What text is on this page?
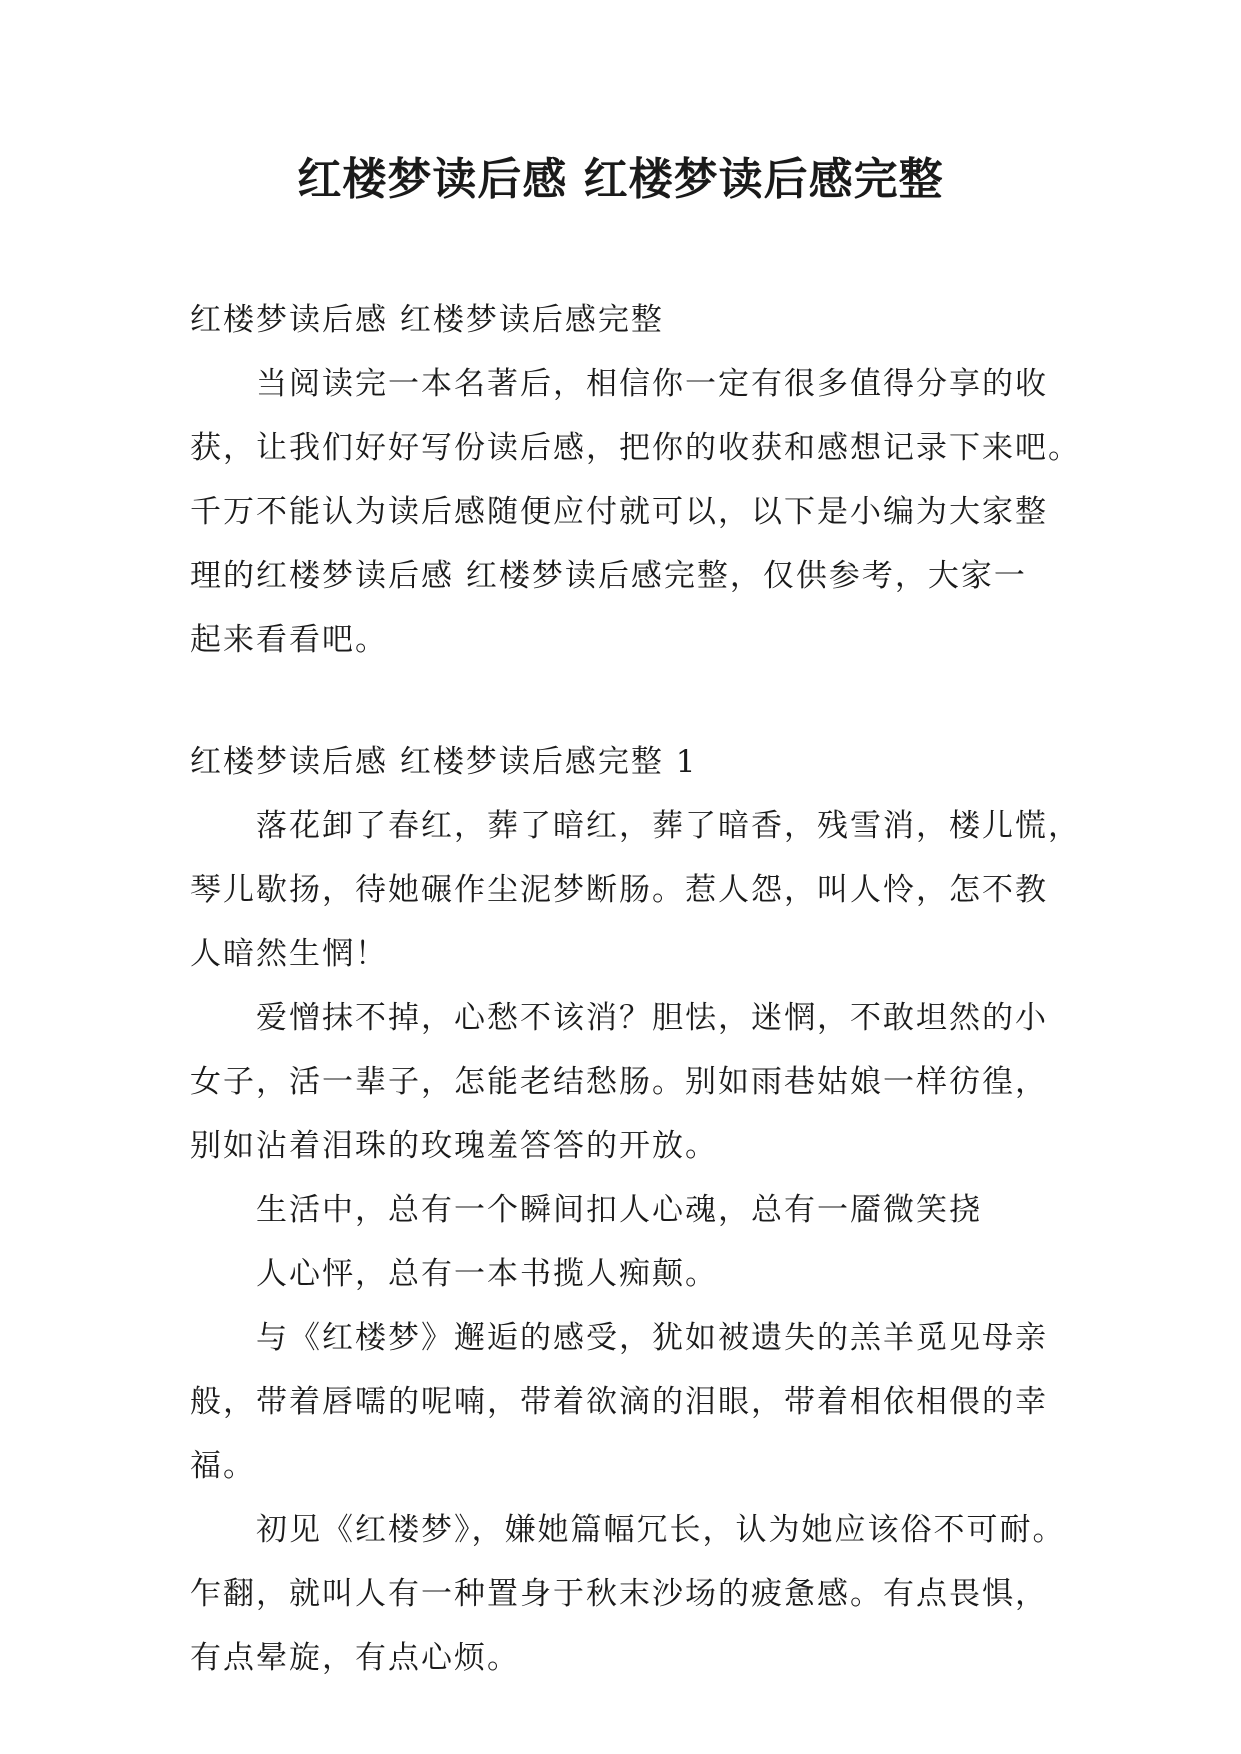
红楼梦读后感 红楼梦读后感完整
红楼梦读后感 红楼梦读后感完整
当阅读完一本名著后，相信你一定有很多值得分享的收
获，让我们好好写份读后感，把你的收获和感想记录下来吧。
千万不能认为读后感随便应付就可以，以下是小编为大家整
理的红楼梦读后感 红楼梦读后感完整，仅供参考，大家一
起来看看吧。
红楼梦读后感 红楼梦读后感完整 1
落花卸了春红，葬了暗红，葬了暗香，残雪消，楼儿慌，
琴儿歇扬，待她碾作尘泥梦断肠。惹人怨，叫人怜，怎不教
人暗然生惘！
爱憎抹不掉，心愁不该消？胆怯，迷惘，不敢坦然的小
女子，活一辈子，怎能老结愁肠。别如雨巷姑娘一样彷徨，
别如沾着泪珠的玫瑰羞答答的开放。
生活中，总有一个瞬间扣人心魂，总有一靥微笑挠
人心怦，总有一本书揽人痴颠。
与《红楼梦》邂逅的感受，犹如被遗失的羔羊觅见母亲
般，带着唇嚅的呢喃，带着欲滴的泪眼，带着相依相偎的幸
福。
初见《红楼梦》，嫌她篇幅冗长，认为她应该俗不可耐。
乍翻，就叫人有一种置身于秋末沙场的疲惫感。有点畏惧，
有点晕旋，有点心烦。
